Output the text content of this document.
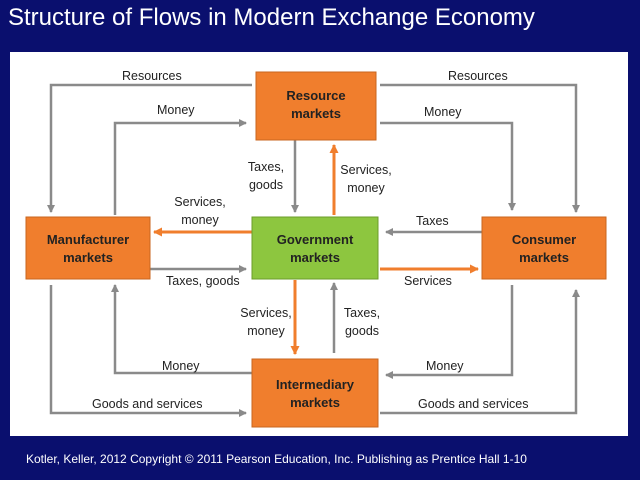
Structure of Flows in Modern Exchange Economy
Resource
markets
Manufacturer
markets
Government
markets
Consumer
markets
Intermediary
markets
Resources
Money
Resources
Money
Taxes,
goods
Services,
money
Services,
money
Taxes, goods
Taxes
Services
Services,
money
Taxes,
goods
Money
Goods and services
Money
Goods and services
Kotler, Keller, 2012 Copyright © 2011 Pearson Education, Inc. Publishing as Prentice Hall 1-10
